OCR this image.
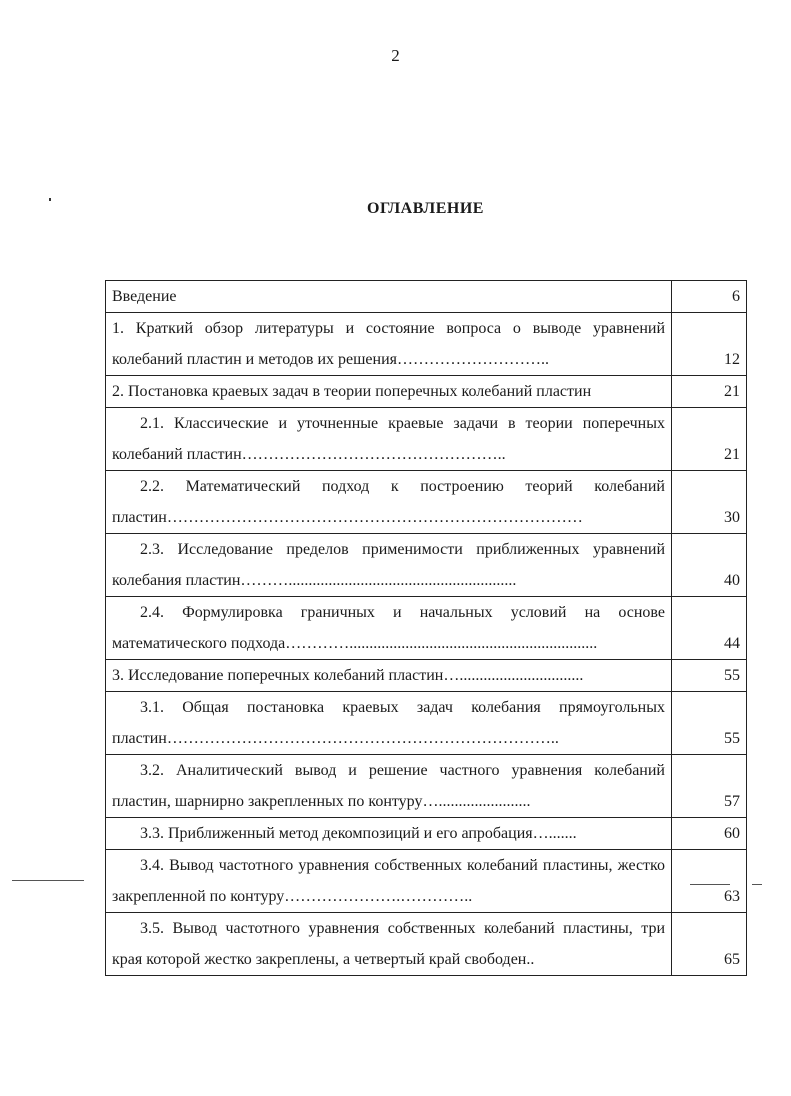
2
ОГЛАВЛЕНИЕ
Введение	6
1. Краткий обзор литературы и состояние вопроса о выводе уравнений колебаний пластин и методов их решения………………………..	12
2. Постановка краевых задач в теории поперечных колебаний пластин	21
2.1. Классические и уточненные краевые задачи в теории поперечных колебаний пластин…………………………………………..	21
2.2. Математический подход к построению теорий колебаний пластин……………………………………………………………………	30
2.3. Исследование пределов применимости приближенных уравнений колебания пластин……….........................................................	40
2.4. Формулировка граничных и начальных условий на основе математического подхода…………..............................................................	44
3. Исследование поперечных колебаний пластин…...............................	55
3.1. Общая постановка краевых задач колебания прямоугольных пластин………………………………………………………………..	55
3.2. Аналитический вывод и решение частного уравнения колебаний пластин, шарнирно закрепленных по контуру….......................	57
3.3. Приближенный метод декомпозиций и его апробация….......	60
3.4. Вывод частотного уравнения собственных колебаний пластины, жестко закрепленной по контуру………………….…………..	63
3.5. Вывод частотного уравнения собственных колебаний пластины, три края которой жестко закреплены, а четвертый край свободен..	65
